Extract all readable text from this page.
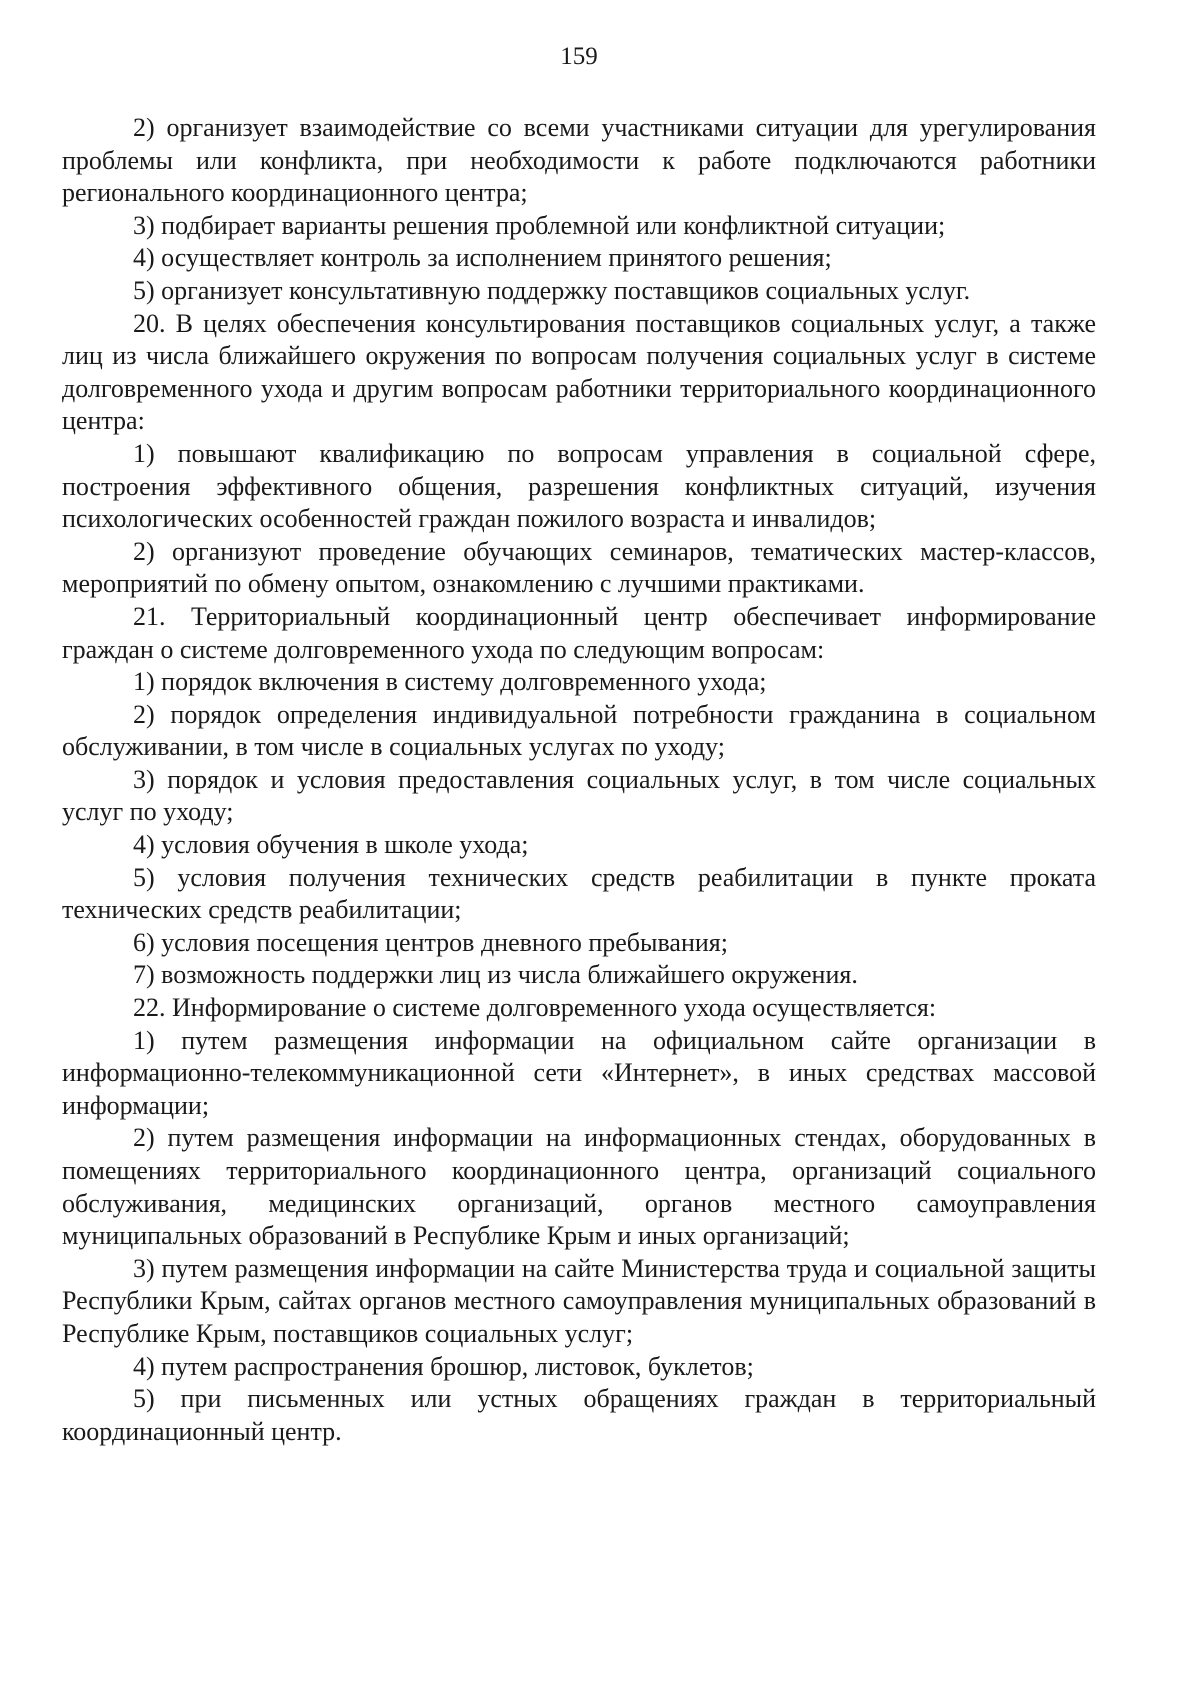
159

2) организует взаимодействие со всеми участниками ситуации для урегулирования проблемы или конфликта, при необходимости к работе подключаются работники регионального координационного центра;

3) подбирает варианты решения проблемной или конфликтной ситуации;

4) осуществляет контроль за исполнением принятого решения;

5) организует консультативную поддержку поставщиков социальных услуг.

20. В целях обеспечения консультирования поставщиков социальных услуг, а также лиц из числа ближайшего окружения по вопросам получения социальных услуг в системе долговременного ухода и другим вопросам работники территориального координационного центра:

1) повышают квалификацию по вопросам управления в социальной сфере, построения эффективного общения, разрешения конфликтных ситуаций, изучения психологических особенностей граждан пожилого возраста и инвалидов;

2) организуют проведение обучающих семинаров, тематических мастер-классов, мероприятий по обмену опытом, ознакомлению с лучшими практиками.

21. Территориальный координационный центр обеспечивает информирование граждан о системе долговременного ухода по следующим вопросам:

1) порядок включения в систему долговременного ухода;

2) порядок определения индивидуальной потребности гражданина в социальном обслуживании, в том числе в социальных услугах по уходу;

3) порядок и условия предоставления социальных услуг, в том числе социальных услуг по уходу;

4) условия обучения в школе ухода;

5) условия получения технических средств реабилитации в пункте проката технических средств реабилитации;

6) условия посещения центров дневного пребывания;

7) возможность поддержки лиц из числа ближайшего окружения.

22. Информирование о системе долговременного ухода осуществляется:

1) путем размещения информации на официальном сайте организации в информационно-телекоммуникационной сети «Интернет», в иных средствах массовой информации;

2) путем размещения информации на информационных стендах, оборудованных в помещениях территориального координационного центра, организаций социального обслуживания, медицинских организаций, органов местного самоуправления муниципальных образований в Республике Крым и иных организаций;

3) путем размещения информации на сайте Министерства труда и социальной защиты Республики Крым, сайтах органов местного самоуправления муниципальных образований в Республике Крым, поставщиков социальных услуг;

4) путем распространения брошюр, листовок, буклетов;

5) при письменных или устных обращениях граждан в территориальный координационный центр.
